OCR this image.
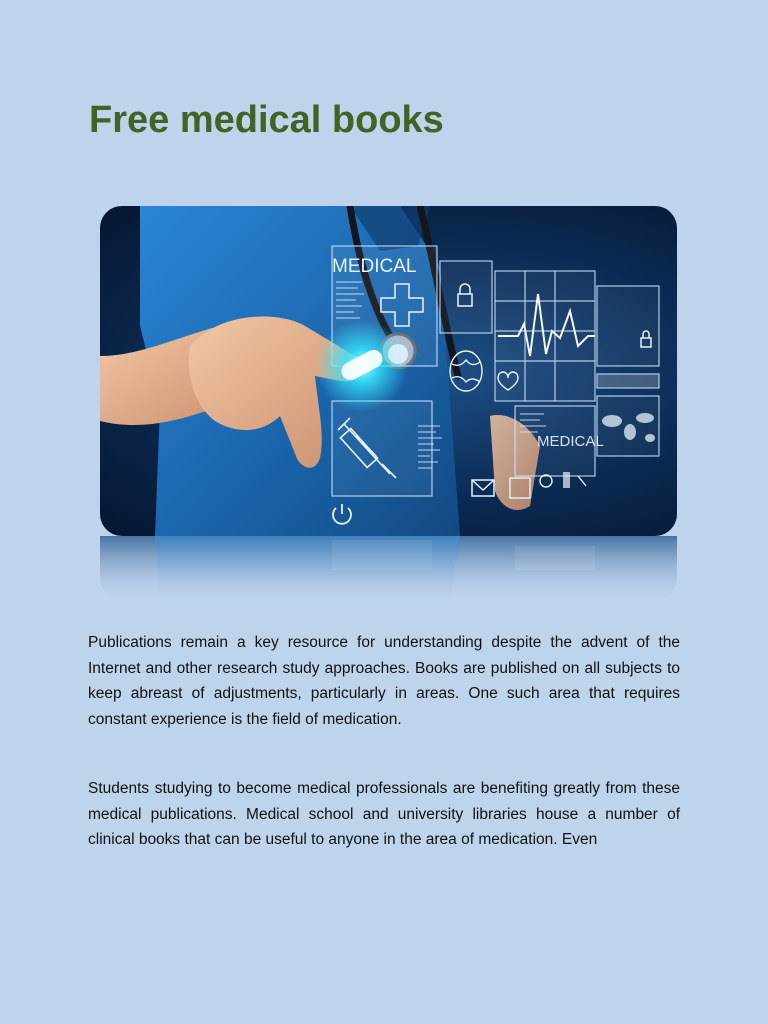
Free medical books
MEDICAL
MEDICAL

Publications remain a key resource for understanding despite the advent of the Internet and other research study approaches. Books are published on all subjects to keep abreast of adjustments, particularly in areas. One such area that requires constant experience is the field of medication.

Students studying to become medical professionals are benefiting greatly from these medical publications. Medical school and university libraries house a number of clinical books that can be useful to anyone in the area of medication. Even
